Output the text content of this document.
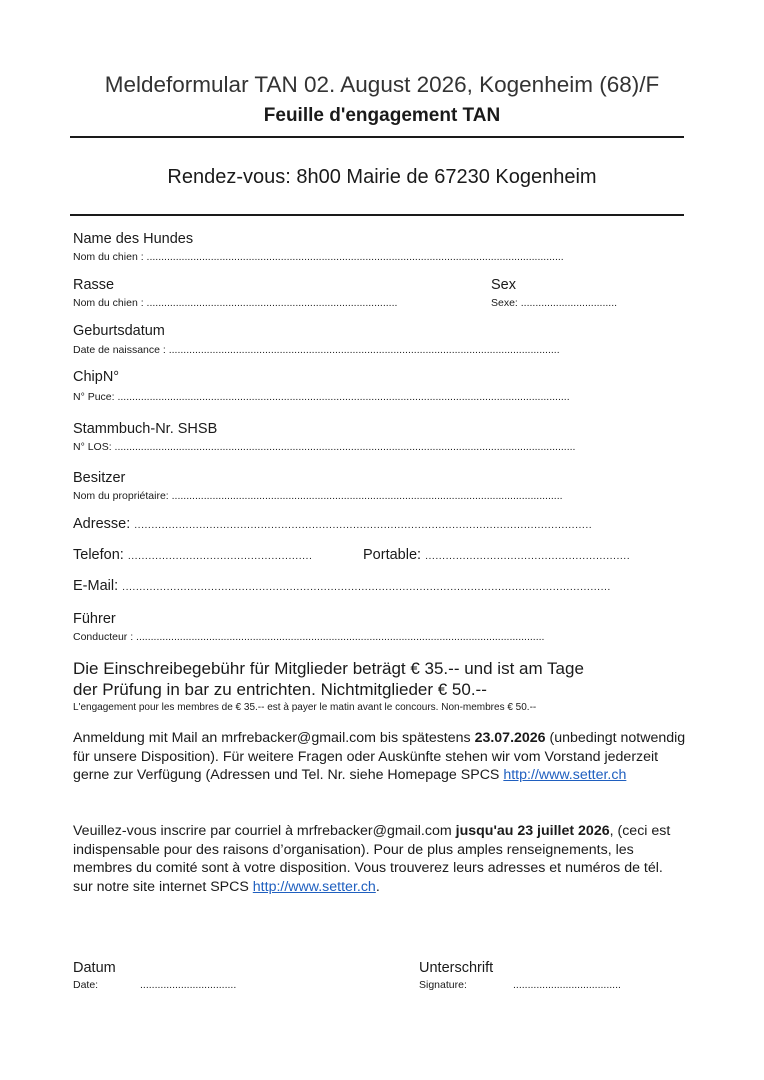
Meldeformular TAN 02. August 2026, Kogenheim (68)/F
Feuille d'engagement TAN
Rendez-vous: 8h00 Mairie de 67230 Kogenheim
Name des Hundes
Nom du chien : ...............................................................................................................................................
Rasse
Nom du chien : ......................................................................................
Sex
Sexe: .................................
Geburtsdatum
Date de naissance : ......................................................................................................................................
ChipN°
N° Puce: ...........................................................................................................................................................
Stammbuch-Nr. SHSB
N° LOS: ..............................................................................................................................................................
Besitzer
Nom du propriétaire: ......................................................................................................................................
Adresse: ......................................................................................................................................
Telefon: ......................................................	Portable: ............................................................
E-Mail: ...............................................................................................................................................
Führer
Conducteur : ............................................................................................................................................
Die Einschreibegebühr für Mitglieder beträgt € 35.-- und ist am Tage
der Prüfung in bar zu entrichten. Nichtmitglieder € 50.--
L'engagement pour les membres de € 35.-- est à payer le matin avant le concours. Non-membres € 50.--
Anmeldung mit Mail an mrfrebacker@gmail.com bis spätestens 23.07.2026 (unbedingt notwendig für unsere Disposition). Für weitere Fragen oder Auskünfte stehen wir vom Vorstand jederzeit gerne zur Verfügung (Adressen und Tel. Nr. siehe Homepage SPCS http://www.setter.ch
Veuillez-vous inscrire par courriel à mrfrebacker@gmail.com jusqu'au 23 juillet 2026, (ceci est indispensable pour des raisons d’organisation). Pour de plus amples renseignements, les membres du comité sont à votre disposition. Vous trouverez leurs adresses et numéros de tél. sur notre site internet SPCS http://www.setter.ch.
Datum
Date:	.................................
Unterschrift
Signature:	.....................................
